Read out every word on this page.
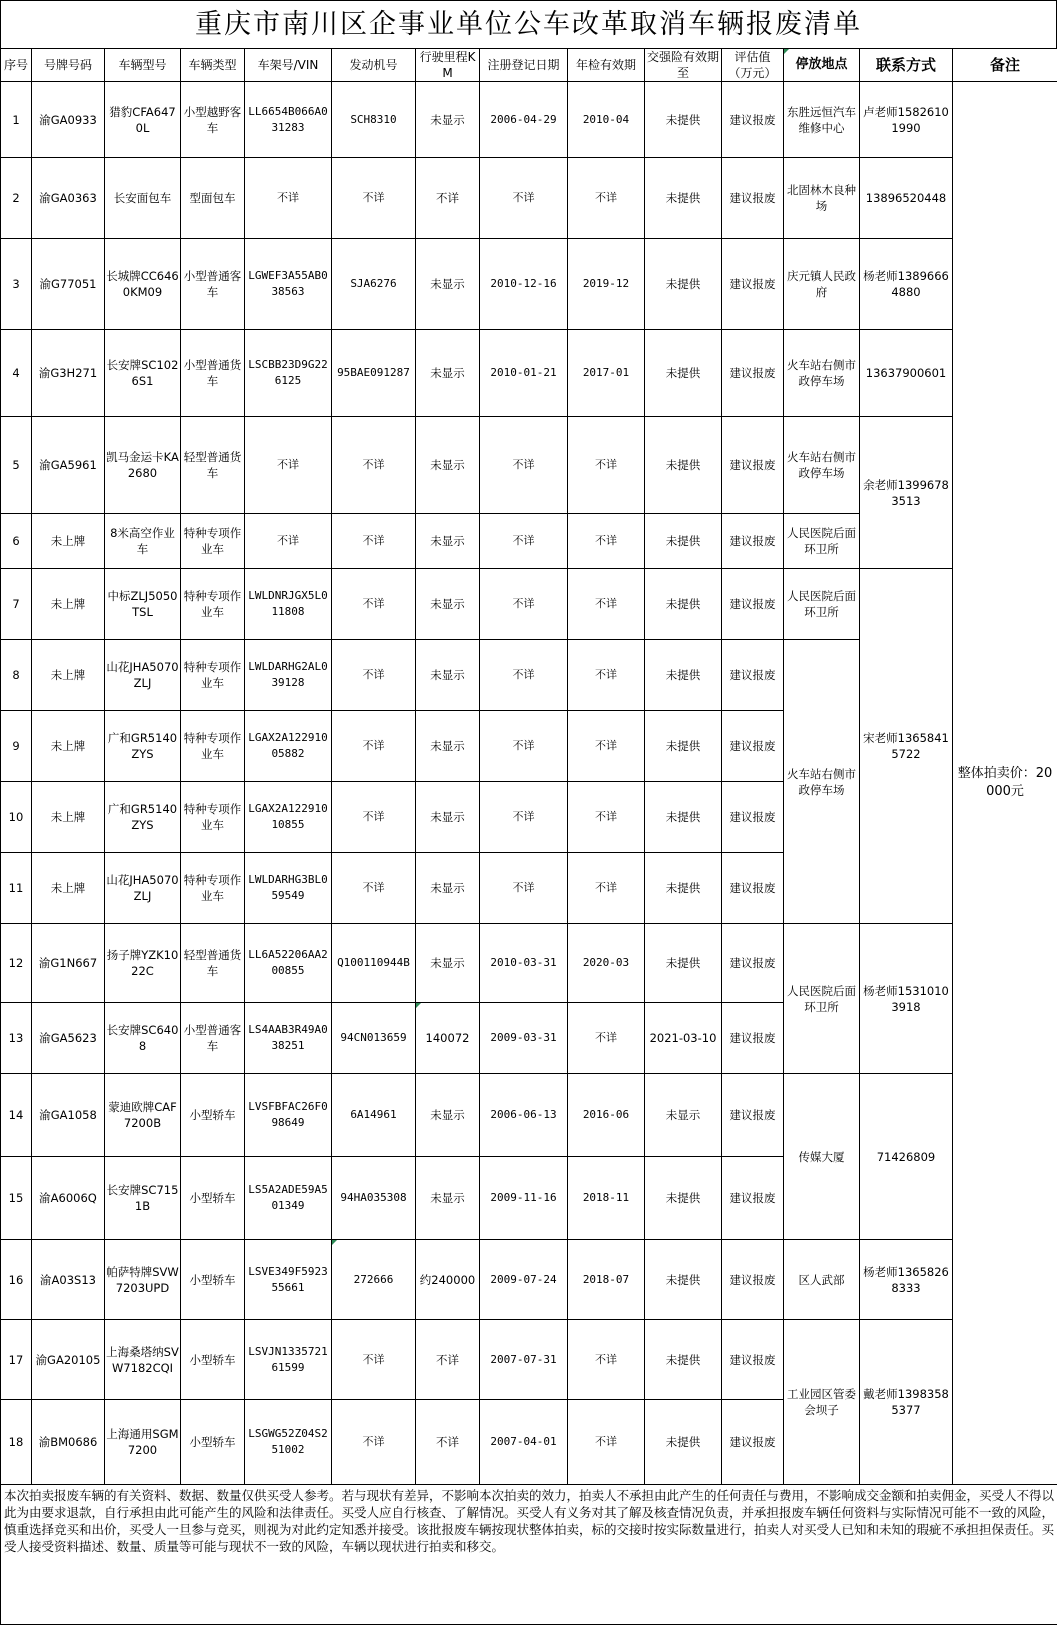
重庆市南川区企事业单位公车改革取消车辆报废清单
序号	号牌号码	车辆型号	车辆类型	车架号/VIN	发动机号	行驶里程KM	注册登记日期	年检有效期	交强险有效期至	评估值（万元）	停放地点	联系方式	备注
1	渝GA0933	猎豹CFA6470L	小型越野客车	LL6654B066A031283	SCH8310	未显示	2006-04-29	2010-04	未提供	建议报废	东胜远恒汽车维修中心	卢老师15826101990	整体拍卖价：20000元
2	渝GA0363	长安面包车	型面包车	不详	不详	不详	不详	不详	未提供	建议报废	北固林木良种场	13896520448	
3	渝G77051	长城牌CC6460KM09	小型普通客车	LGWEF3A55AB038563	SJA6276	未显示	2010-12-16	2019-12	未提供	建议报废	庆元镇人民政府	杨老师13896664880	
4	渝G3H271	长安牌SC1026S1	小型普通货车	LSCBB23D9G226125	95BAE091287	未显示	2010-01-21	2017-01	未提供	建议报废	火车站右侧市政停车场	13637900601	
5	渝GA5961	凯马金运卡KA2680	轻型普通货车	不详	不详	未显示	不详	不详	未提供	建议报废	火车站右侧市政停车场	余老师13996783513	
6	未上牌	8米高空作业车	特种专项作业车	不详	不详	未显示	不详	不详	未提供	建议报废	人民医院后面环卫所		
7	未上牌	中标ZLJ5050TSL	特种专项作业车	LWLDNRJGX5L011808	不详	未显示	不详	不详	未提供	建议报废	人民医院后面环卫所	宋老师13658415722	
8	未上牌	山花JHA5070ZLJ	特种专项作业车	LWLDARHG2AL039128	不详	未显示	不详	不详	未提供	建议报废	火车站右侧市政停车场		
9	未上牌	广和GR5140ZYS	特种专项作业车	LGAX2A12291005882	不详	未显示	不详	不详	未提供	建议报废			
10	未上牌	广和GR5140ZYS	特种专项作业车	LGAX2A12291010855	不详	未显示	不详	不详	未提供	建议报废			
11	未上牌	山花JHA5070ZLJ	特种专项作业车	LWLDARHG3BL059549	不详	未显示	不详	不详	未提供	建议报废			
12	渝G1N667	扬子牌YZK1022C	轻型普通货车	LL6A52206AA200855	Q100110944B	未显示	2010-03-31	2020-03	未提供	建议报废	人民医院后面环卫所	杨老师15310103918	
13	渝GA5623	长安牌SC6408	小型普通客车	LS4AAB3R49A038251	94CN013659	140072	2009-03-31	不详	2021-03-10	建议报废			
14	渝GA1058	蒙迪欧牌CAF7200B	小型轿车	LVSFBFAC26F098649	6A14961	未显示	2006-06-13	2016-06	未显示	建议报废	传媒大厦	71426809	
15	渝A6006Q	长安牌SC7151B	小型轿车	LS5A2ADE59A501349	94HA035308	未显示	2009-11-16	2018-11	未提供	建议报废			
16	渝A03S13	帕萨特牌SVW7203UPD	小型轿车	LSVE349F592355661	272666	约240000	2009-07-24	2018-07	未提供	建议报废	区人武部	杨老师13658268333	
17	渝GA20105	上海桑塔纳SVW7182CQI	小型轿车	LSVJN133572161599	不详	不详	2007-07-31	不详	未提供	建议报废	工业园区管委会坝子	戴老师13983585377	
18	渝BM0686	上海通用SGM7200	小型轿车	LSGWG52Z04S251002	不详	不详	2007-04-01	不详	未提供	建议报废			
本次拍卖报废车辆的有关资料、数据、数量仅供买受人参考。若与现状有差异，不影响本次拍卖的效力，拍卖人不承担由此产生的任何责任与费用，不影响成交金额和拍卖佣金，买受人不得以此为由要求退款，自行承担由此可能产生的风险和法律责任。买受人应自行核查、了解情况。买受人有义务对其了解及核查情况负责，并承担报废车辆任何资料与实际情况可能不一致的风险，慎重选择竞买和出价，买受人一旦参与竞买，则视为对此约定知悉并接受。该批报废车辆按现状整体拍卖，标的交接时按实际数量进行，拍卖人对买受人已知和未知的瑕疵不承担担保责任。买受人接受资料描述、数量、质量等可能与现状不一致的风险，车辆以现状进行拍卖和移交。													
